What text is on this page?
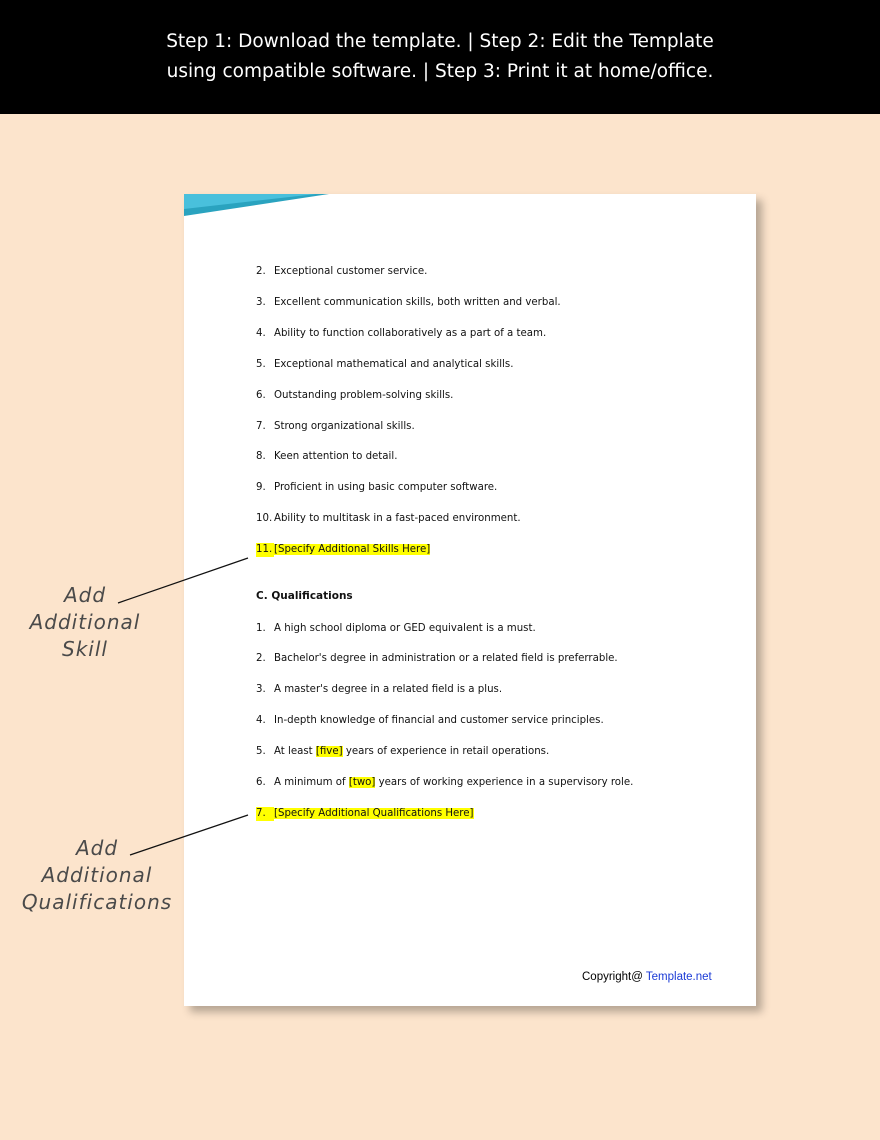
Step 1: Download the template. | Step 2: Edit the Template
using compatible software. | Step 3: Print it at home/office.
2. Exceptional customer service.
3. Excellent communication skills, both written and verbal.
4. Ability to function collaboratively as a part of a team.
5. Exceptional mathematical and analytical skills.
6. Outstanding problem-solving skills.
7. Strong organizational skills.
8. Keen attention to detail.
9. Proficient in using basic computer software.
10. Ability to multitask in a fast-paced environment.
11. [Specify Additional Skills Here]
C. Qualifications
1. A high school diploma or GED equivalent is a must.
2. Bachelor's degree in administration or a related field is preferrable.
3. A master's degree in a related field is a plus.
4. In-depth knowledge of financial and customer service principles.
5. At least [five] years of experience in retail operations.
6. A minimum of [two] years of working experience in a supervisory role.
7. [Specify Additional Qualifications Here]
Copyright@ Template.net
Add
Additional
Skill
Add
Additional
Qualifications
